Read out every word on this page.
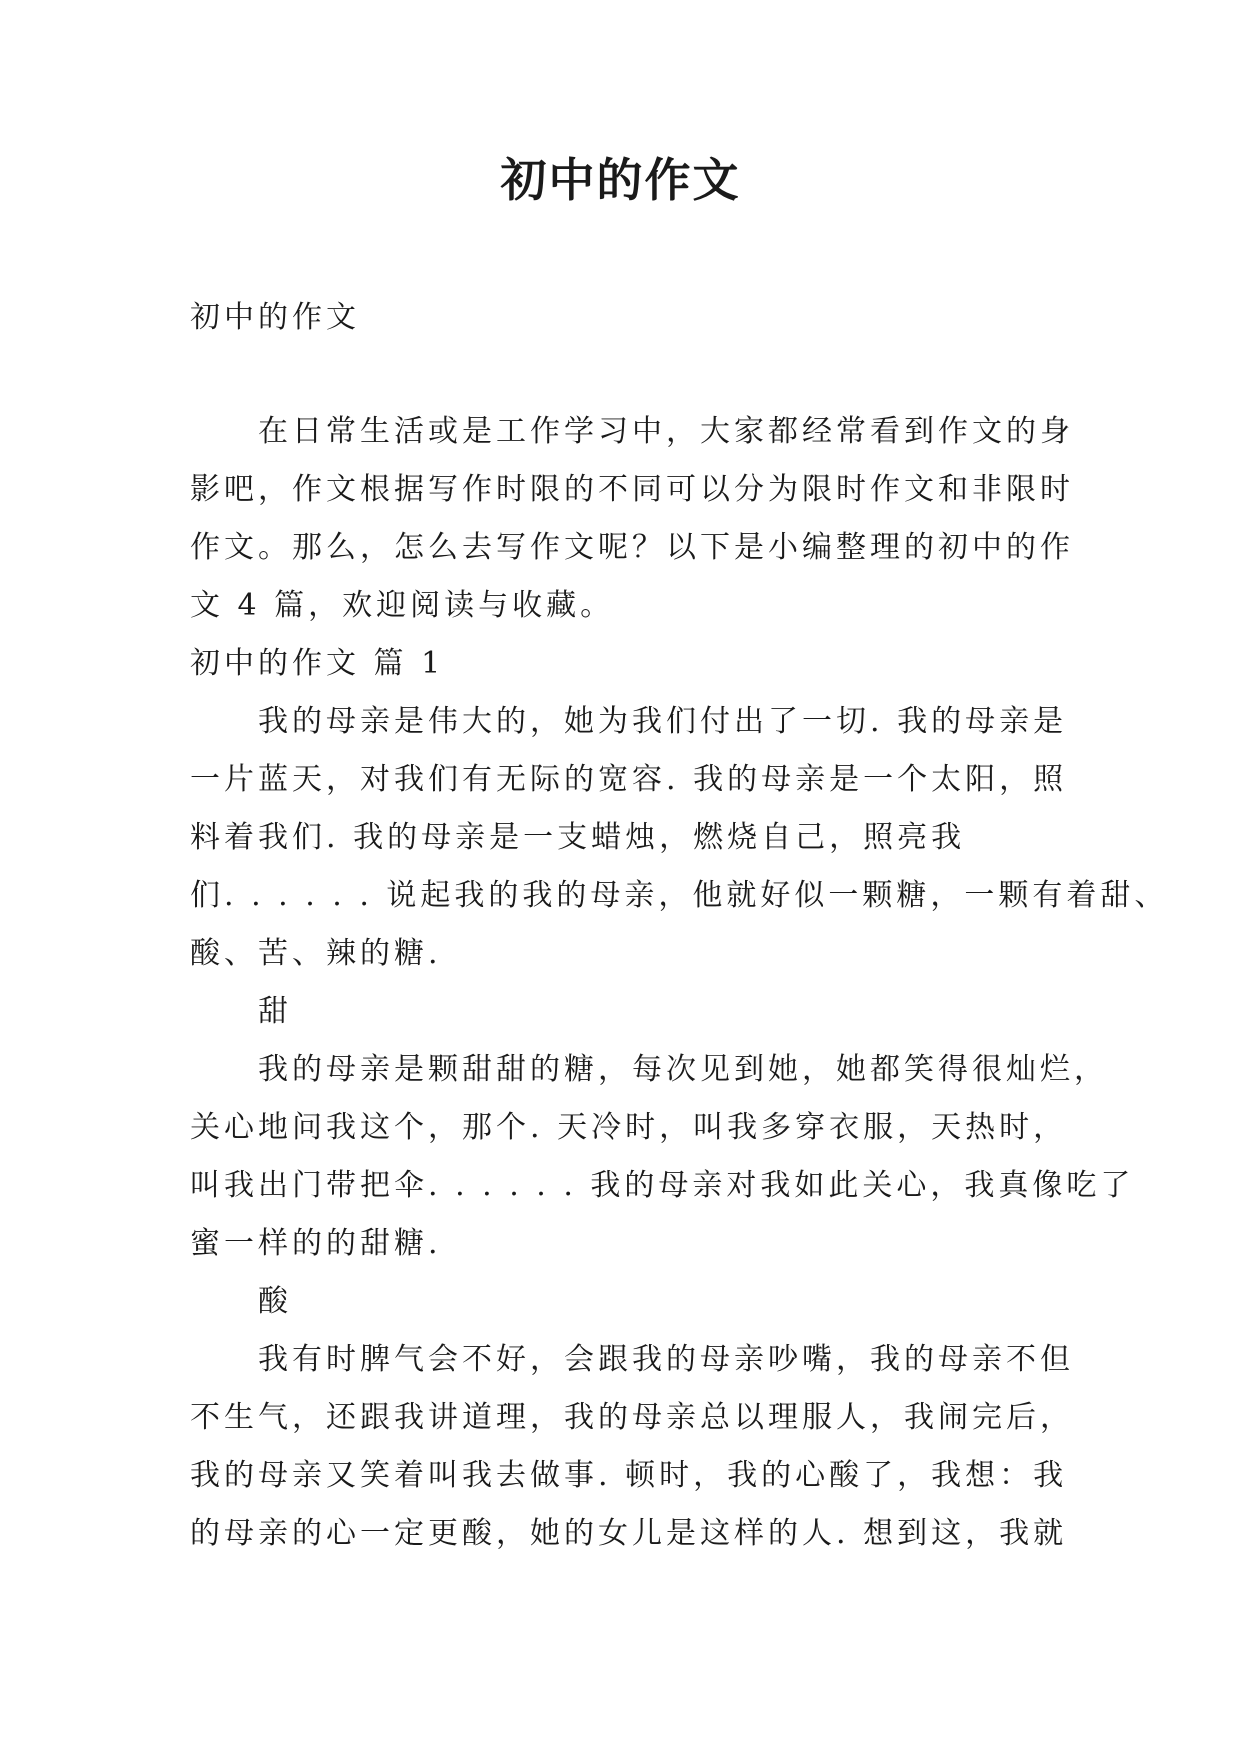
初中的作文
初中的作文
在日常生活或是工作学习中，大家都经常看到作文的身
影吧，作文根据写作时限的不同可以分为限时作文和非限时
作文。那么，怎么去写作文呢？以下是小编整理的初中的作
文 4 篇，欢迎阅读与收藏。
初中的作文 篇 1
我的母亲是伟大的，她为我们付出了一切. 我的母亲是
一片蓝天，对我们有无际的宽容. 我的母亲是一个太阳，照
料着我们. 我的母亲是一支蜡烛，燃烧自己，照亮我
们. . . . . . 说起我的我的母亲，他就好似一颗糖，一颗有着甜、
酸、苦、辣的糖.
甜
我的母亲是颗甜甜的糖，每次见到她，她都笑得很灿烂，
关心地问我这个，那个. 天冷时，叫我多穿衣服，天热时，
叫我出门带把伞. . . . . . 我的母亲对我如此关心，我真像吃了
蜜一样的的甜糖.
酸
我有时脾气会不好，会跟我的母亲吵嘴，我的母亲不但
不生气，还跟我讲道理，我的母亲总以理服人，我闹完后，
我的母亲又笑着叫我去做事. 顿时，我的心酸了，我想：我
的母亲的心一定更酸，她的女儿是这样的人. 想到这，我就
